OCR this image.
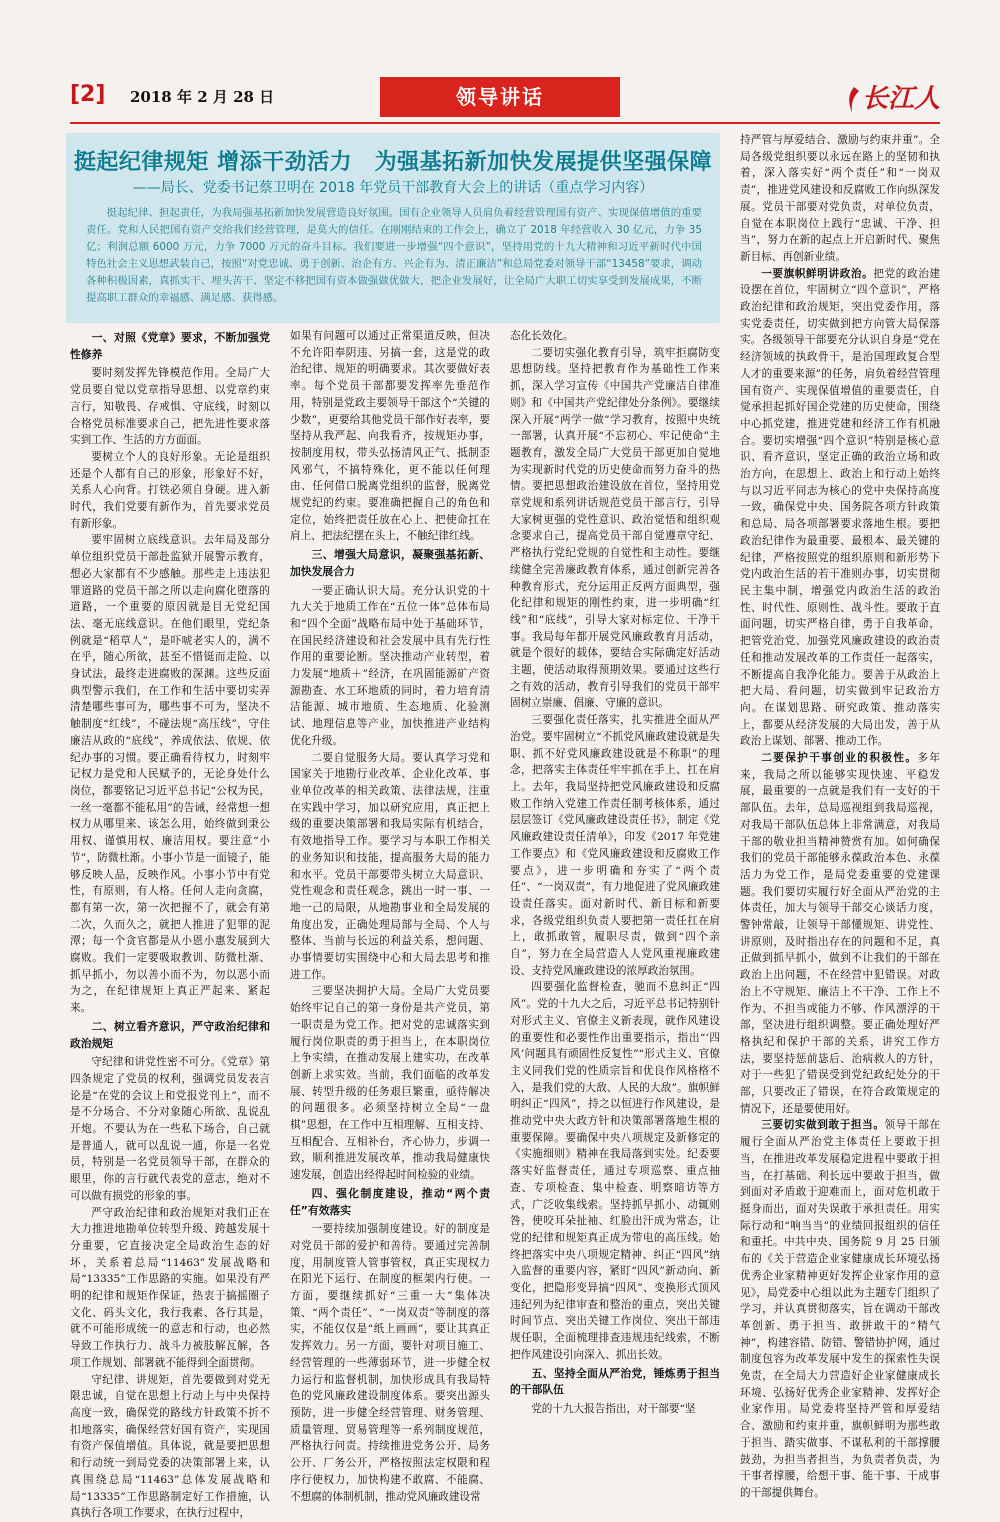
[2] 2018 年 2 月 28 日	领导讲话	长江人
挺起纪律规矩 增添干劲活力　为强基拓新加快发展提供坚强保障
——局长、党委书记蔡卫明在 2018 年党员干部教育大会上的讲话（重点学习内容）
挺起纪律、担起责任，为我局强基拓新加快发展营造良好氛围。国有企业领导人员肩负着经营管理国有资产、实现保值增值的重要责任。党和人民把国有资产交给我们经营管理，是莫大的信任。在刚刚结束的工作会上，确立了 2018 年经营收入 30 亿元，力争 35 亿；利润总额 6000 万元，力争 7000 万元的奋斗目标。我们要进一步增强“四个意识”，坚持用党的十九大精神和习近平新时代中国特色社会主义思想武装自己，按照“对党忠诚、勇于创新、治企有方、兴企有为、清正廉洁”和总局党委对领导干部“13458”要求，调动各种积极因素，真抓实干、埋头苦干、坚定不移把国有资本做强做优做大，把企业发展好，让全局广大职工切实享受到发展成果，不断提高职工群众的幸福感、满足感、获得感。
一、对照《党章》要求，不断加强党性修养

要时刻发挥先锋模范作用。全局广大党员要自觉以党章指导思想、以党章约束言行，知敬畏、存戒惧、守底线，时刻以合格党员标准要求自己，把先进性要求落实到工作、生活的方方面面。

要树立个人的良好形象。无论是组织还是个人都有自己的形象，形象好不好，关系人心向背。打铁必须自身硬。进入新时代，我们党要有新作为，首先要求党员有新形象。

要牢固树立底线意识。去年局及部分单位组织党员干部赴监狱开展警示教育，想必大家都有不少感触。那些走上违法犯罪道路的党员干部之所以走向腐化堕落的道路，一个重要的原因就是目无党纪国法、毫无底线意识。在他们眼里，党纪条例就是“稻草人”，是吓唬老实人的，满不在乎，随心所欲，甚至不惜铤而走险、以身试法，最终走进腐败的深渊。这些反面典型警示我们，在工作和生活中要切实弄清楚哪些事可为，哪些事不可为，坚决不触制度“红线”，不碰法规“高压线”，守住廉洁从政的“底线”，养成依法、依规、依纪办事的习惯。要正确看待权力，时刻牢记权力是党和人民赋予的，无论身处什么岗位，都要铭记习近平总书记“公权为民，一丝一毫都不能私用”的告诫，经常想一想权力从哪里来、该怎么用，始终做到秉公用权、谨慎用权、廉洁用权。要注意“小节”，防微杜渐。小事小节是一面镜子，能够反映人品，反映作风。小事小节中有党性，有原则，有人格。任何人走向贪腐，都有第一次，第一次把握不了，就会有第二次，久而久之，就把人推进了犯罪的泥潭；每一个贪官都是从小恩小惠发展到大腐败。我们一定要吸取教训、防微杜渐、抓早抓小，勿以善小而不为，勿以恶小而为之，在纪律规矩上真正严起来、紧起来。

二、树立看齐意识，严守政治纪律和政治规矩

守纪律和讲党性密不可分。《党章》第四条规定了党员的权利，强调党员发表言论是“在党的会议上和党报党刊上”，而不是不分场合、不分对象随心所欲、乱说乱开炮。不要认为在一些私下场合，自己就是普通人，就可以乱说一通，你是一名党员，特别是一名党员领导干部，在群众的眼里，你的言行就代表党的意志，绝对不可以做有损党的形象的事。

严守政治纪律和政治规矩对我们正在大力推进地勘单位转型升级、跨越发展十分重要，它直接决定全局政治生态的好坏，关系着总局“11463”发展战略和局“13335”工作思路的实施。如果没有严明的纪律和规矩作保证，热衷于搞摇圈子文化、码头文化，我行我素、各行其是，就不可能形成统一的意志和行动，也必然导致工作执行力、战斗力被肢解瓦解，各项工作规划、部署就不能得到全面贯彻。

守纪律、讲规矩，首先要做到对党无限忠诚，自觉在思想上行动上与中央保持高度一致，确保党的路线方针政策不折不扣地落实，确保经营好国有资产，实现国有资产保值增值。具体说，就是要把思想和行动统一到局党委的决策部署上来，认真围绕总局“11463”总体发展战略和局“13335”工作思路制定好工作措施，认真执行各项工作要求，在执行过程中，

如果有问题可以通过正常渠道反映，但决不允许阳奉阴违、另搞一套，这是党的政治纪律、规矩的明确要求。其次要做好表率。每个党员干部都要发挥率先垂范作用，特别是党政主要领导干部这个“关键的少数”，更要给其他党员干部作好表率，要坚持从我严起、向我看齐，按规矩办事，按制度用权，带头弘扬清风正气、抵制歪风邪气，不搞特殊化，更不能以任何理由、任何借口脱离党组织的监督，脱离党规党纪的约束。要准确把握自己的角色和定位，始终把责任放在心上、把使命扛在肩上、把法纪摆在头上，不触纪律红线。

三、增强大局意识，凝聚强基拓新、加快发展合力

一要正确认识大局。充分认识党的十九大关于地质工作在“五位一体”总体布局和“四个全面”战略布局中处于基础环节，在国民经济建设和社会发展中具有先行性作用的重要论断。坚决推动产业转型，着力发展“地质＋”经济，在巩固能源矿产资源勘查、水工环地质的同时，着力培育清洁能源、城市地质、生态地质、化验测试、地理信息等产业，加快推进产业结构优化升级。

二要自觉服务大局。要认真学习党和国家关于地勘行业改革、企业化改革、事业单位改革的相关政策、法律法规，注重在实践中学习，加以研究应用，真正把上级的重要决策部署和我局实际有机结合，有效地指导工作。要学习与本职工作相关的业务知识和技能，提高服务大局的能力和水平。党员干部要带头树立大局意识、党性观念和责任观念，跳出一时一事、一地一己的局限，从地勘事业和全局发展的角度出发，正确处理局部与全局、个人与整体、当前与长远的利益关系，想问题、办事情要切实围绕中心和大局去思考和推进工作。

三要坚决拥护大局。全局广大党员要始终牢记自己的第一身份是共产党员，第一职责是为党工作。把对党的忠诚落实到履行岗位职责的勇于担当上，在本职岗位上争实绩，在推动发展上建实功，在改革创新上求实效。当前，我们面临的改革发展、转型升级的任务艰巨繁重，亟待解决的问题很多。必须坚持树立全局“一盘棋”思想，在工作中互相理解、互相支持、互相配合、互相补台，齐心协力，步调一致，顺利推进发展改革，推动我局健康快速发展，创造出经得起时间检验的业绩。

四、强化制度建设，推动“两个责任”有效落实

一要持续加强制度建设。好的制度是对党员干部的爱护和善待。要通过完善制度，用制度管人管事管权，真正实现权力在阳光下运行、在制度的框架内行使。一方面，要继续抓好“三重一大”集体决策、“两个责任”、“一岗双责”等制度的落实，不能仅仅是“纸上画画”，要让其真正发挥效力。另一方面，要针对项目施工、经营管理的一些薄弱环节，进一步健全权力运行和监督机制，加快形成具有我局特色的党风廉政建设制度体系。要突出源头预防，进一步健全经营管理、财务管理、质量管理、贸易管理等一系列制度规范，严格执行问责。持续推进党务公开、局务公开、厂务公开，严格按照法定权限和程序行使权力，加快构建不敢腐、不能腐、不想腐的体制机制，推动党风廉政建设常

态化长效化。

二要切实强化教育引导，筑牢拒腐防变思想防线。坚持把教育作为基础性工作来抓，深入学习宣传《中国共产党廉洁自律准则》和《中国共产党纪律处分条例》。要继续深入开展“两学一做”学习教育，按照中央统一部署，认真开展“不忘初心、牢记使命”主题教育，激发全局广大党员干部更加自觉地为实现新时代党的历史使命而努力奋斗的热情。要把思想政治建设放在首位，坚持用党章党规和系列讲话规范党员干部言行，引导大家树更强的党性意识、政治觉悟和组织观念要求自己，提高党员干部自觉遵章守纪、严格执行党纪党规的自觉性和主动性。要继续健全完善廉政教育体系，通过创新完善各种教育形式，充分运用正反两方面典型，强化纪律和规矩的刚性约束，进一步明确“红线”和“底线”，引导大家对标定位、干净干事。我局每年都开展党风廉政教育月活动，就是个很好的载体，要结合实际确定好活动主题，使活动取得预期效果。要通过这些行之有效的活动，教育引导我们的党员干部牢固树立崇廉、倡廉、守廉的意识。

三要强化责任落实，扎实推进全面从严治党。要牢固树立“不抓党风廉政建设就是失职、抓不好党风廉政建设就是不称职”的理念，把落实主体责任牢牢抓在手上、扛在肩上。去年，我局坚持把党风廉政建设和反腐败工作纳入党建工作责任制考核体系，通过层层签订《党风廉政建设责任书》，制定《党风廉政建设责任清单》，印发《2017 年党建工作要点》和《党风廉政建设和反腐败工作要点》，进一步明确和夯实了“两个责任”、“一岗双责”，有力地促进了党风廉政建设责任落实。面对新时代、新目标和新要求，各级党组织负责人要把第一责任扛在肩上，敢抓敢管，履职尽责，做到“四个亲自”，努力在全局营造人人党风重视廉政建设、支持党风廉政建设的浓厚政治氛围。

四要强化监督检查，驰而不息纠正“四风”。党的十九大之后，习近平总书记特别针对形式主义、官僚主义新表现，就作风建设的重要性和必要性作出重要指示，指出“‘四风’问题具有顽固性反复性”“形式主义、官僚主义同我们党的性质宗旨和优良作风格格不入，是我们党的大敌、人民的大敌”。旗帜鲜明纠正“四风”，持之以恒进行作风建设，是推动党中央大政方针和决策部署落地生根的重要保障。要确保中央八项规定及新修定的《实施细则》精神在我局落到实处。纪委要落实好监督责任，通过专项巡察、重点抽查、专项检查、集中检查、明察暗访等方式，广泛收集线索。坚持抓早抓小、动辄则咎，使咬耳朵扯袖、红脸出汗成为常态，让党的纪律和规矩真正成为带电的高压线。始终把落实中央八项规定精神、纠正“四风”纳入监督的重要内容，紧盯“四风”新动向、新变化，把隐形变异搞“四风”、变换形式顶风违纪列为纪律审查和整治的重点，突出关键时间节点、突出关键工作岗位、突出干部违规任职，全面梳理排查违规违纪线索，不断把作风建设引向深入、抓出长效。

五、坚持全面从严治党，锤炼勇于担当的干部队伍

党的十九大报告指出，对干部要“坚

持严管与厚爱结合、激励与约束并重”。全局各级党组织要以永远在路上的坚韧和执着，深入落实好“两个责任”和“一岗双责”，推进党风建设和反腐败工作向纵深发展。党员干部要对党负责，对单位负责，自觉在本职岗位上践行“忠诚、干净、担当”，努力在新的起点上开启新时代、聚焦新目标、再创新业绩。

一要旗帜鲜明讲政治。把党的政治建设摆在首位，牢固树立“四个意识”，严格政治纪律和政治规矩，突出党委作用，落实党委责任，切实做到把方向管大局保落实。各级领导干部要充分认识自身是“党在经济领域的执政骨干，是治国理政复合型人才的重要来源”的任务，肩负着经营管理国有资产、实现保值增值的重要责任，自觉承担起抓好国企党建的历史使命，围绕中心抓党建，推进党建和经济工作有机融合。要切实增强“四个意识”特别是核心意识、看齐意识，坚定正确的政治立场和政治方向，在思想上、政治上和行动上始终与以习近平同志为核心的党中央保持高度一致，确保党中央、国务院各项方针政策和总局、局各项部署要求落地生根。要把政治纪律作为最重要、最根本、最关键的纪律，严格按照党的组织原则和新形势下党内政治生活的若干准则办事，切实贯彻民主集中制，增强党内政治生活的政治性、时代性、原则性、战斗性。要敢于直面问题，切实严格自律，勇于自我革命，把管党治党、加强党风廉政建设的政治责任和推动发展改革的工作责任一起落实，不断提高自我净化能力。要善于从政治上把大局、看问题，切实做到牢记政治方向。在谋划思路、研究政策、推动落实上，都要从经济发展的大局出发，善于从政治上谋划、部署、推动工作。

二要保护干事创业的积极性。多年来，我局之所以能够实现快速、平稳发展，最重要的一点就是我们有一支好的干部队伍。去年，总局巡视组到我局巡视，对我局干部队伍总体上非常满意，对我局干部的敬业担当精神赞赏有加。如何确保我们的党员干部能够永葆政治本色、永葆活力为党工作，是局党委重要的党建课题。我们要切实履行好全面从严治党的主体责任，加大与领导干部交心谈话力度，警钟常敲，让领导干部懂规矩、讲党性、讲原则，及时指出存在的问题和不足，真正做到抓早抓小，做到不让我们的干部在政治上出问题，不在经营中犯错误。对政治上不守规矩、廉洁上不干净、工作上不作为、不担当或能力不够、作风漂浮的干部，坚决进行组织调整。要正确处理好严格执纪和保护干部的关系，讲究工作方法，要坚持惩前毖后、治病救人的方针，对于一些犯了错误受到党纪政纪处分的干部，只要改正了错误，在符合政策规定的情况下，还是要使用好。

三要切实做到敢于担当。领导干部在履行全面从严治党主体责任上要敢于担当，在推进改革发展稳定进程中要敢于担当，在打基础、利长远中要敢于担当，做到面对矛盾敢于迎难而上，面对危机敢于挺身而出，面对失误敢于承担责任。用实际行动和“响当当”的业绩回报组织的信任和重托。中共中央、国务院 9 月 25 日颁布的《关于营造企业家健康成长环境弘扬优秀企业家精神更好发挥企业家作用的意见》，局党委中心组以此为主题专门组织了学习，并认真贯彻落实，旨在调动干部改革创新、勇于担当、敢拼敢干的“精气神”，构建容错、防错、警错协护网，通过制度包容为改革发展中发生的探索性失误免责，在全局大力营造好企业家健康成长环境、弘扬好优秀企业家精神、发挥好企业家作用。局党委将坚持严管和厚爱结合、激励和约束并重，旗帜鲜明为那些敢于担当、踏实做事、不谋私利的干部撑腰鼓劲，为担当者担当，为负责者负责，为干事者撑腰，给想干事、能干事、干成事的干部提供舞台。
